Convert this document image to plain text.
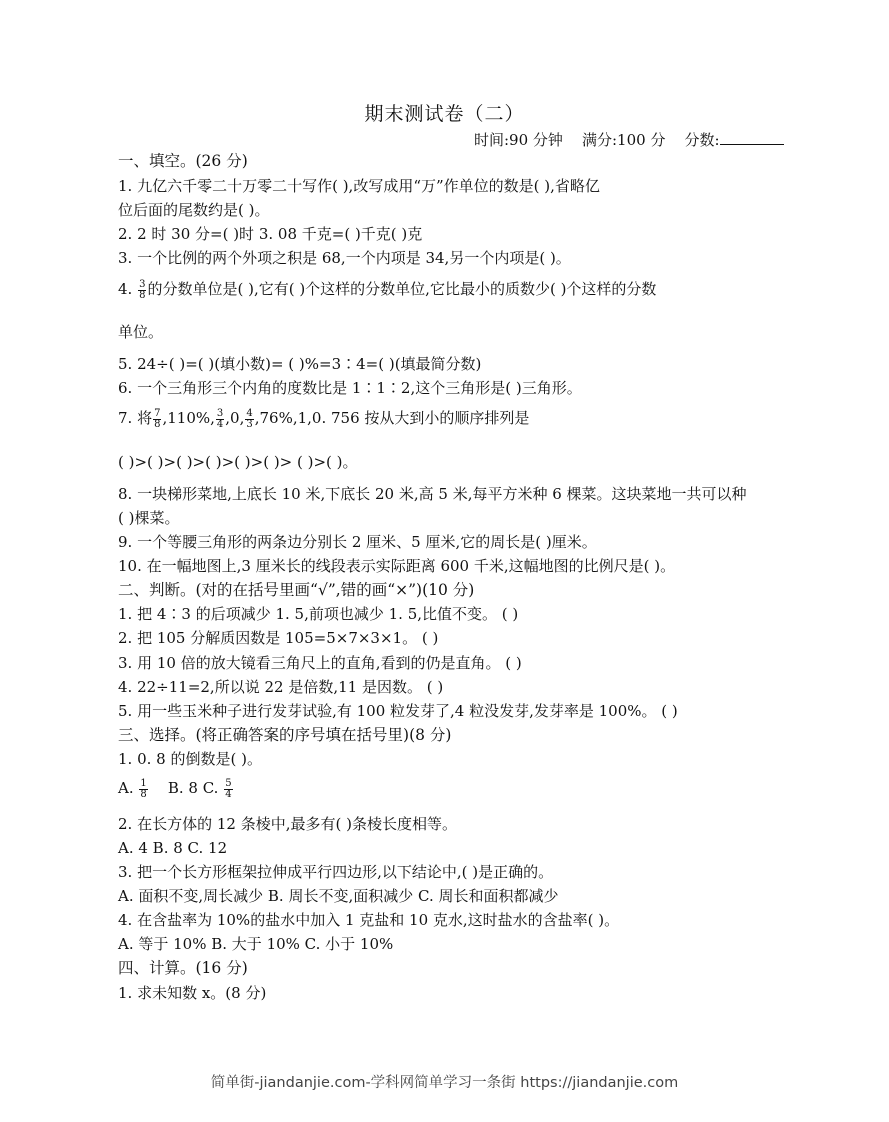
期末测试卷（二）
时间:90 分钟 满分:100 分 分数:
一、填空。(26 分)
1. 九亿六千零二十万零二十写作( ),改写成用“万”作单位的数是( ),省略亿
位后面的尾数约是( )。
2. 2 时 30 分=( )时 3. 08 千克=( )千克( )克
3. 一个比例的两个外项之积是 68,一个内项是 34,另一个内项是( )。
4. $\frac{3}{8}$ 的分数单位是( ),它有( )个这样的分数单位,它比最小的质数少( )个这样的分数
单位。
5. 24÷( )=( )(填小数)= ( )%=3∶4=( )(填最简分数)
6. 一个三角形三个内角的度数比是 1∶1∶2,这个三角形是( )三角形。
7. 将 $\frac{7}{8} ,110\%$, $\frac{3}{4} ,0$, $\frac{4}{3} ,76\%,1,0$. 756 按从大到小的顺序排列是
( )>( )>( )>( )>( )>( )> ( )>( )。
8. 一块梯形菜地,上底长 10 米,下底长 20 米,高 5 米,每平方米种 6 棵菜。这块菜地一共可以种
( )棵菜。
9. 一个等腰三角形的两条边分别长 2 厘米、5 厘米,它的周长是( )厘米。
10. 在一幅地图上,3 厘米长的线段表示实际距离 600 千米,这幅地图的比例尺是( )。
二、判断。(对的在括号里画“√”,错的画“×”)(10 分)
1. 把 4∶3 的后项减少 1. 5,前项也减少 1. 5,比值不变。 ( )
2. 把 105 分解质因数是 105=5×7×3×1。 ( )
3. 用 10 倍的放大镜看三角尺上的直角,看到的仍是直角。 ( )
4. 22÷11=2,所以说 22 是倍数,11 是因数。 ( )
5. 用一些玉米种子进行发芽试验,有 100 粒发芽了,4 粒没发芽,发芽率是 100%。 ( )
三、选择。(将正确答案的序号填在括号里)(8 分)
1. 0. 8 的倒数是( )。
A. $\frac{1}{8} B$. 8 C. $\frac{5}{4}$
2. 在长方体的 12 条棱中,最多有( )条棱长度相等。
A. 4 B. 8 C. 12
3. 把一个长方形框架拉伸成平行四边形,以下结论中,( )是正确的。
A. 面积不变,周长减少 B. 周长不变,面积减少 C. 周长和面积都减少
4. 在含盐率为 10%的盐水中加入 1 克盐和 10 克水,这时盐水的含盐率( )。
A. 等于 10% B. 大于 10% C. 小于 10%
四、计算。(16 分)
1. 求未知数 x。(8 分)
简单街-jiandanjie.com-学科网简单学习一条街 https://jiandanjie.com
